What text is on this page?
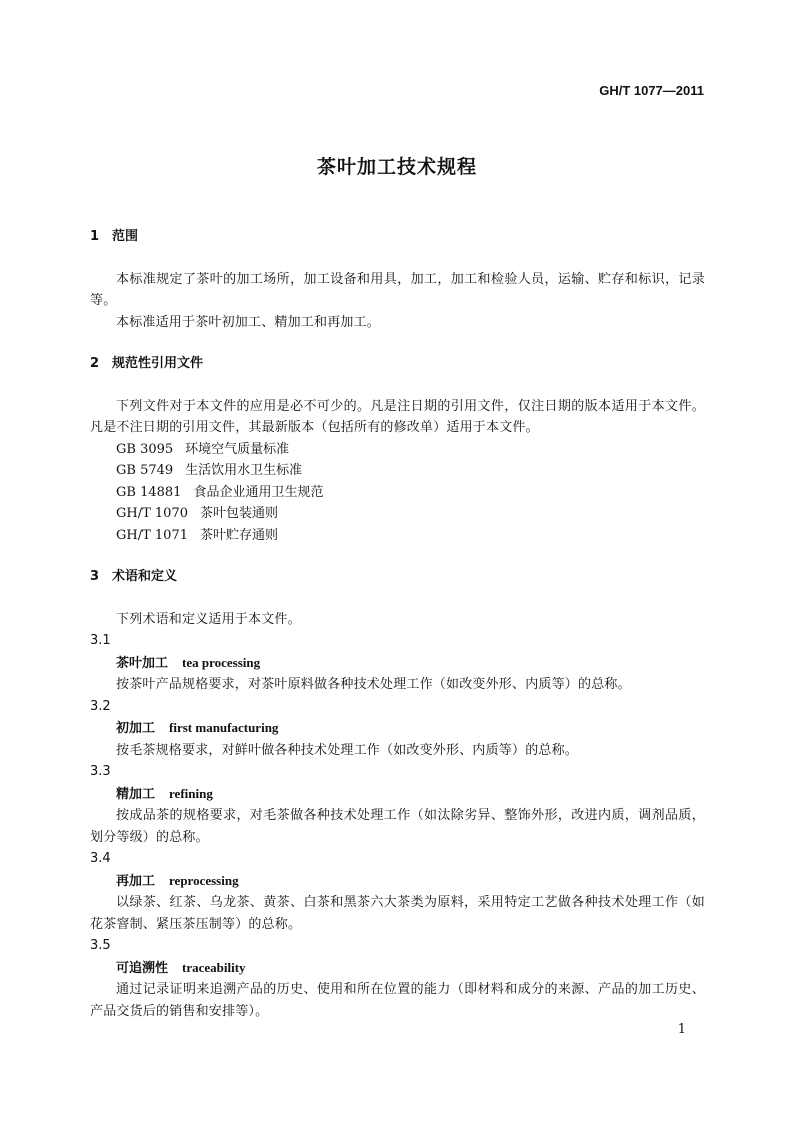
GH/T 1077—2011
茶叶加工技术规程
1 范围

本标准规定了茶叶的加工场所，加工设备和用具，加工，加工和检验人员，运输、贮存和标识，记录等。

本标准适用于茶叶初加工、精加工和再加工。

2 规范性引用文件

下列文件对于本文件的应用是必不可少的。凡是注日期的引用文件，仅注日期的版本适用于本文件。凡是不注日期的引用文件，其最新版本（包括所有的修改单）适用于本文件。

GB 3095 环境空气质量标准
GB 5749 生活饮用水卫生标准
GB 14881 食品企业通用卫生规范
GH/T 1070 茶叶包装通则
GH/T 1071 茶叶贮存通则
3 术语和定义

下列术语和定义适用于本文件。

3.1
茶叶加工 tea processing

按茶叶产品规格要求，对茶叶原料做各种技术处理工作（如改变外形、内质等）的总称。

3.2
初加工 first manufacturing

按毛茶规格要求，对鲜叶做各种技术处理工作（如改变外形、内质等）的总称。

3.3
精加工 refining

按成品茶的规格要求，对毛茶做各种技术处理工作（如汰除劣异、整饰外形，改进内质，调剂品质，划分等级）的总称。

3.4
再加工 reprocessing

以绿茶、红茶、乌龙茶、黄茶、白茶和黑茶六大茶类为原料，采用特定工艺做各种技术处理工作（如花茶窨制、紧压茶压制等）的总称。

3.5
可追溯性 traceability

通过记录证明来追溯产品的历史、使用和所在位置的能力（即材料和成分的来源、产品的加工历史、产品交货后的销售和安排等）。

1
